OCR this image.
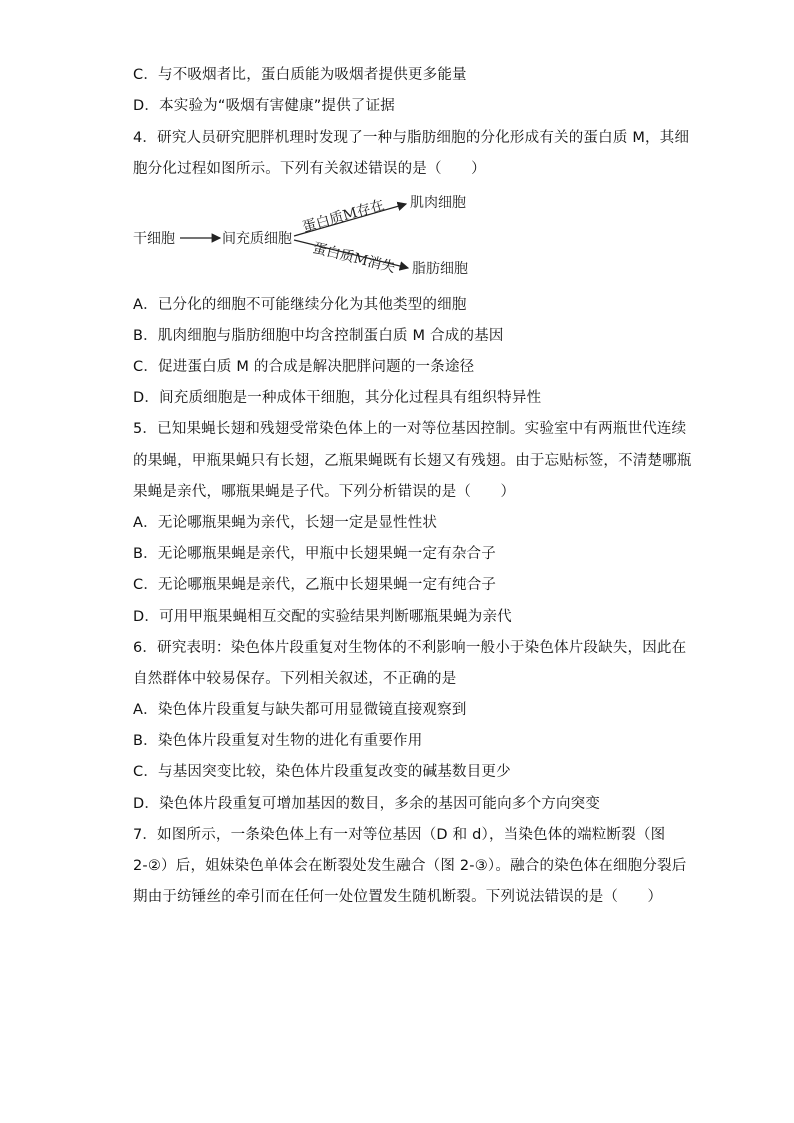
C．与不吸烟者比，蛋白质能为吸烟者提供更多能量
D．本实验为“吸烟有害健康”提供了证据
4．研究人员研究肥胖机理时发现了一种与脂肪细胞的分化形成有关的蛋白质 M，其细
胞分化过程如图所示。下列有关叙述错误的是（　　）
干细胞	间充质细胞
蛋白质M存在
蛋白质M消失
肌肉细胞
脂肪细胞
A．已分化的细胞不可能继续分化为其他类型的细胞
B．肌肉细胞与脂肪细胞中均含控制蛋白质 M 合成的基因
C．促进蛋白质 M 的合成是解决肥胖问题的一条途径
D．间充质细胞是一种成体干细胞，其分化过程具有组织特异性
5．已知果蝇长翅和残翅受常染色体上的一对等位基因控制。实验室中有两瓶世代连续
的果蝇，甲瓶果蝇只有长翅，乙瓶果蝇既有长翅又有残翅。由于忘贴标签，不清楚哪瓶
果蝇是亲代，哪瓶果蝇是子代。下列分析错误的是（　　）
A．无论哪瓶果蝇为亲代，长翅一定是显性性状
B．无论哪瓶果蝇是亲代，甲瓶中长翅果蝇一定有杂合子
C．无论哪瓶果蝇是亲代，乙瓶中长翅果蝇一定有纯合子
D．可用甲瓶果蝇相互交配的实验结果判断哪瓶果蝇为亲代
6．研究表明：染色体片段重复对生物体的不利影响一般小于染色体片段缺失，因此在
自然群体中较易保存。下列相关叙述，不正确的是
A．染色体片段重复与缺失都可用显微镜直接观察到
B．染色体片段重复对生物的进化有重要作用
C．与基因突变比较，染色体片段重复改变的碱基数目更少
D．染色体片段重复可增加基因的数目，多余的基因可能向多个方向突变
7．如图所示，一条染色体上有一对等位基因（D 和 d），当染色体的端粒断裂（图
2-②）后，姐妹染色单体会在断裂处发生融合（图 2-③）。融合的染色体在细胞分裂后
期由于纺锤丝的牵引而在任何一处位置发生随机断裂。下列说法错误的是（　　）
